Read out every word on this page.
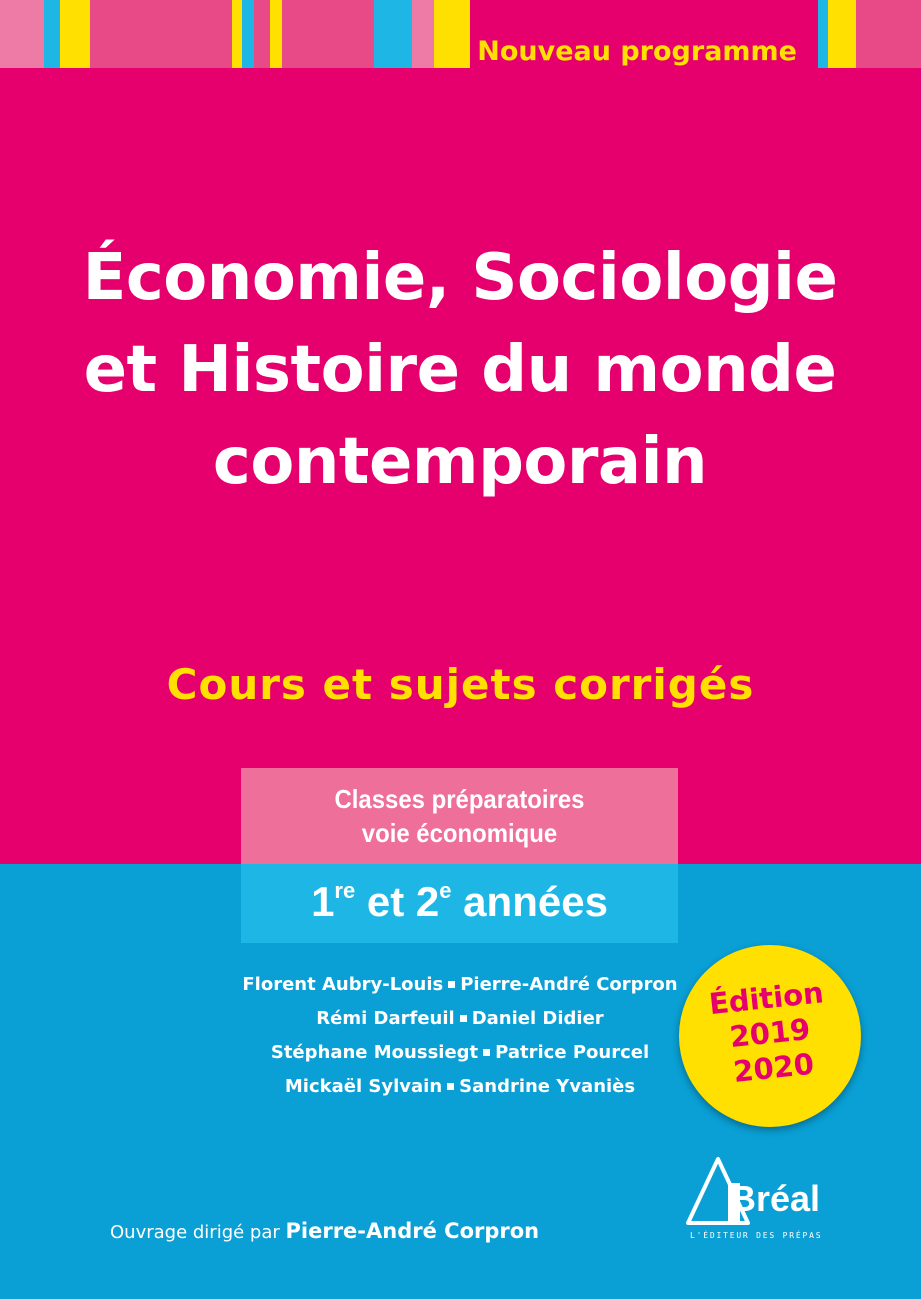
Nouveau programme
Économie, Sociologie
et Histoire du monde
contemporain
Cours et sujets corrigés
Classes préparatoires
voie économique
1re et 2e années
Florent Aubry-Louis Pierre-André Corpron
Rémi Darfeuil Daniel Didier
Stéphane Moussiegt Patrice Pourcel
Mickaël Sylvain Sandrine Yvaniès
Édition
2019
2020
Ouvrage dirigé par Pierre-André Corpron
Bréal
L'ÉDITEUR DES PRÉPAS
